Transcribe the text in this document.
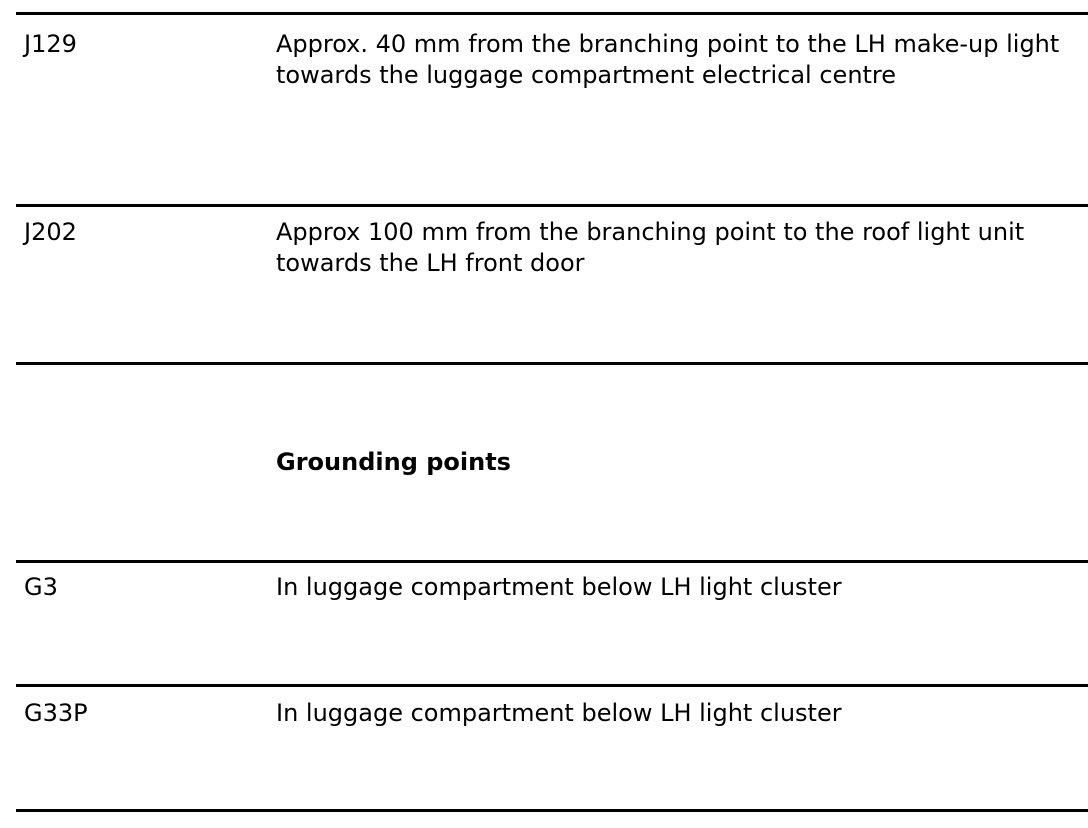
J129	Approx. 40 mm from the branching point to the LH make-up light towards the luggage compartment electrical centre
J202	Approx 100 mm from the branching point to the roof light unit towards the LH front door
Grounding points
G3	In luggage compartment below LH light cluster
G33P	In luggage compartment below LH light cluster
